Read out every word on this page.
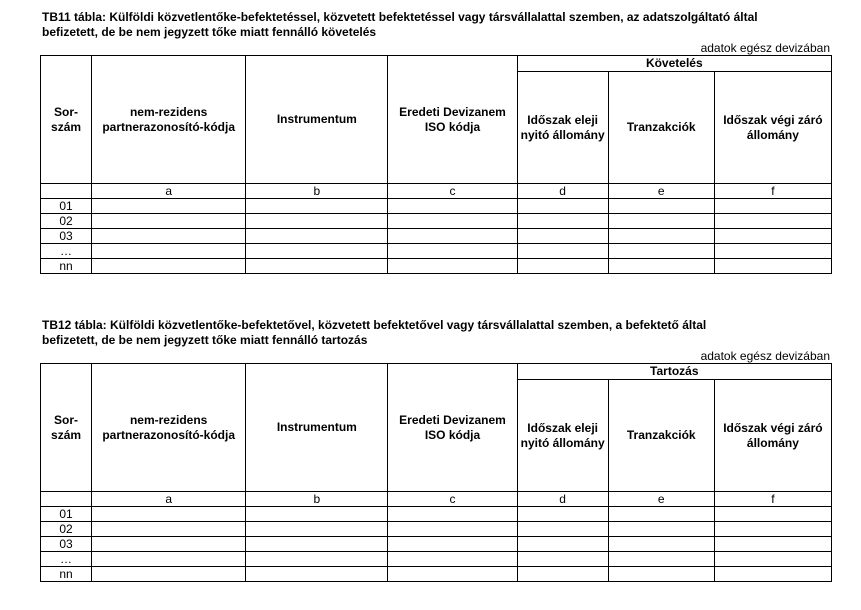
TB11 tábla: Külföldi közvetlentőke-befektetéssel, közvetett befektetéssel vagy társvállalattal szemben, az adatszolgáltató által
befizetett, de be nem jegyzett tőke miatt fennálló követelés
adatok egész devizában
Sor-
szám	nem-rezidens partnerazonosító-kódja	Instrumentum	Eredeti Devizanem ISO kódja	Követelés		
				Időszak eleji nyitó állomány	Tranzakciók	Időszak végi záró állomány
	a	b	c	d	e	f
01						
02						
03						
…						
nn						
TB12 tábla: Külföldi közvetlentőke-befektetővel, közvetett befektetővel vagy társvállalattal szemben, a befektető által
befizetett, de be nem jegyzett tőke miatt fennálló tartozás
adatok egész devizában
Sor-
szám	nem-rezidens partnerazonosító-kódja	Instrumentum	Eredeti Devizanem ISO kódja	Tartozás		
				Időszak eleji nyitó állomány	Tranzakciók	Időszak végi záró állomány
	a	b	c	d	e	f
01						
02						
03						
…						
nn						
